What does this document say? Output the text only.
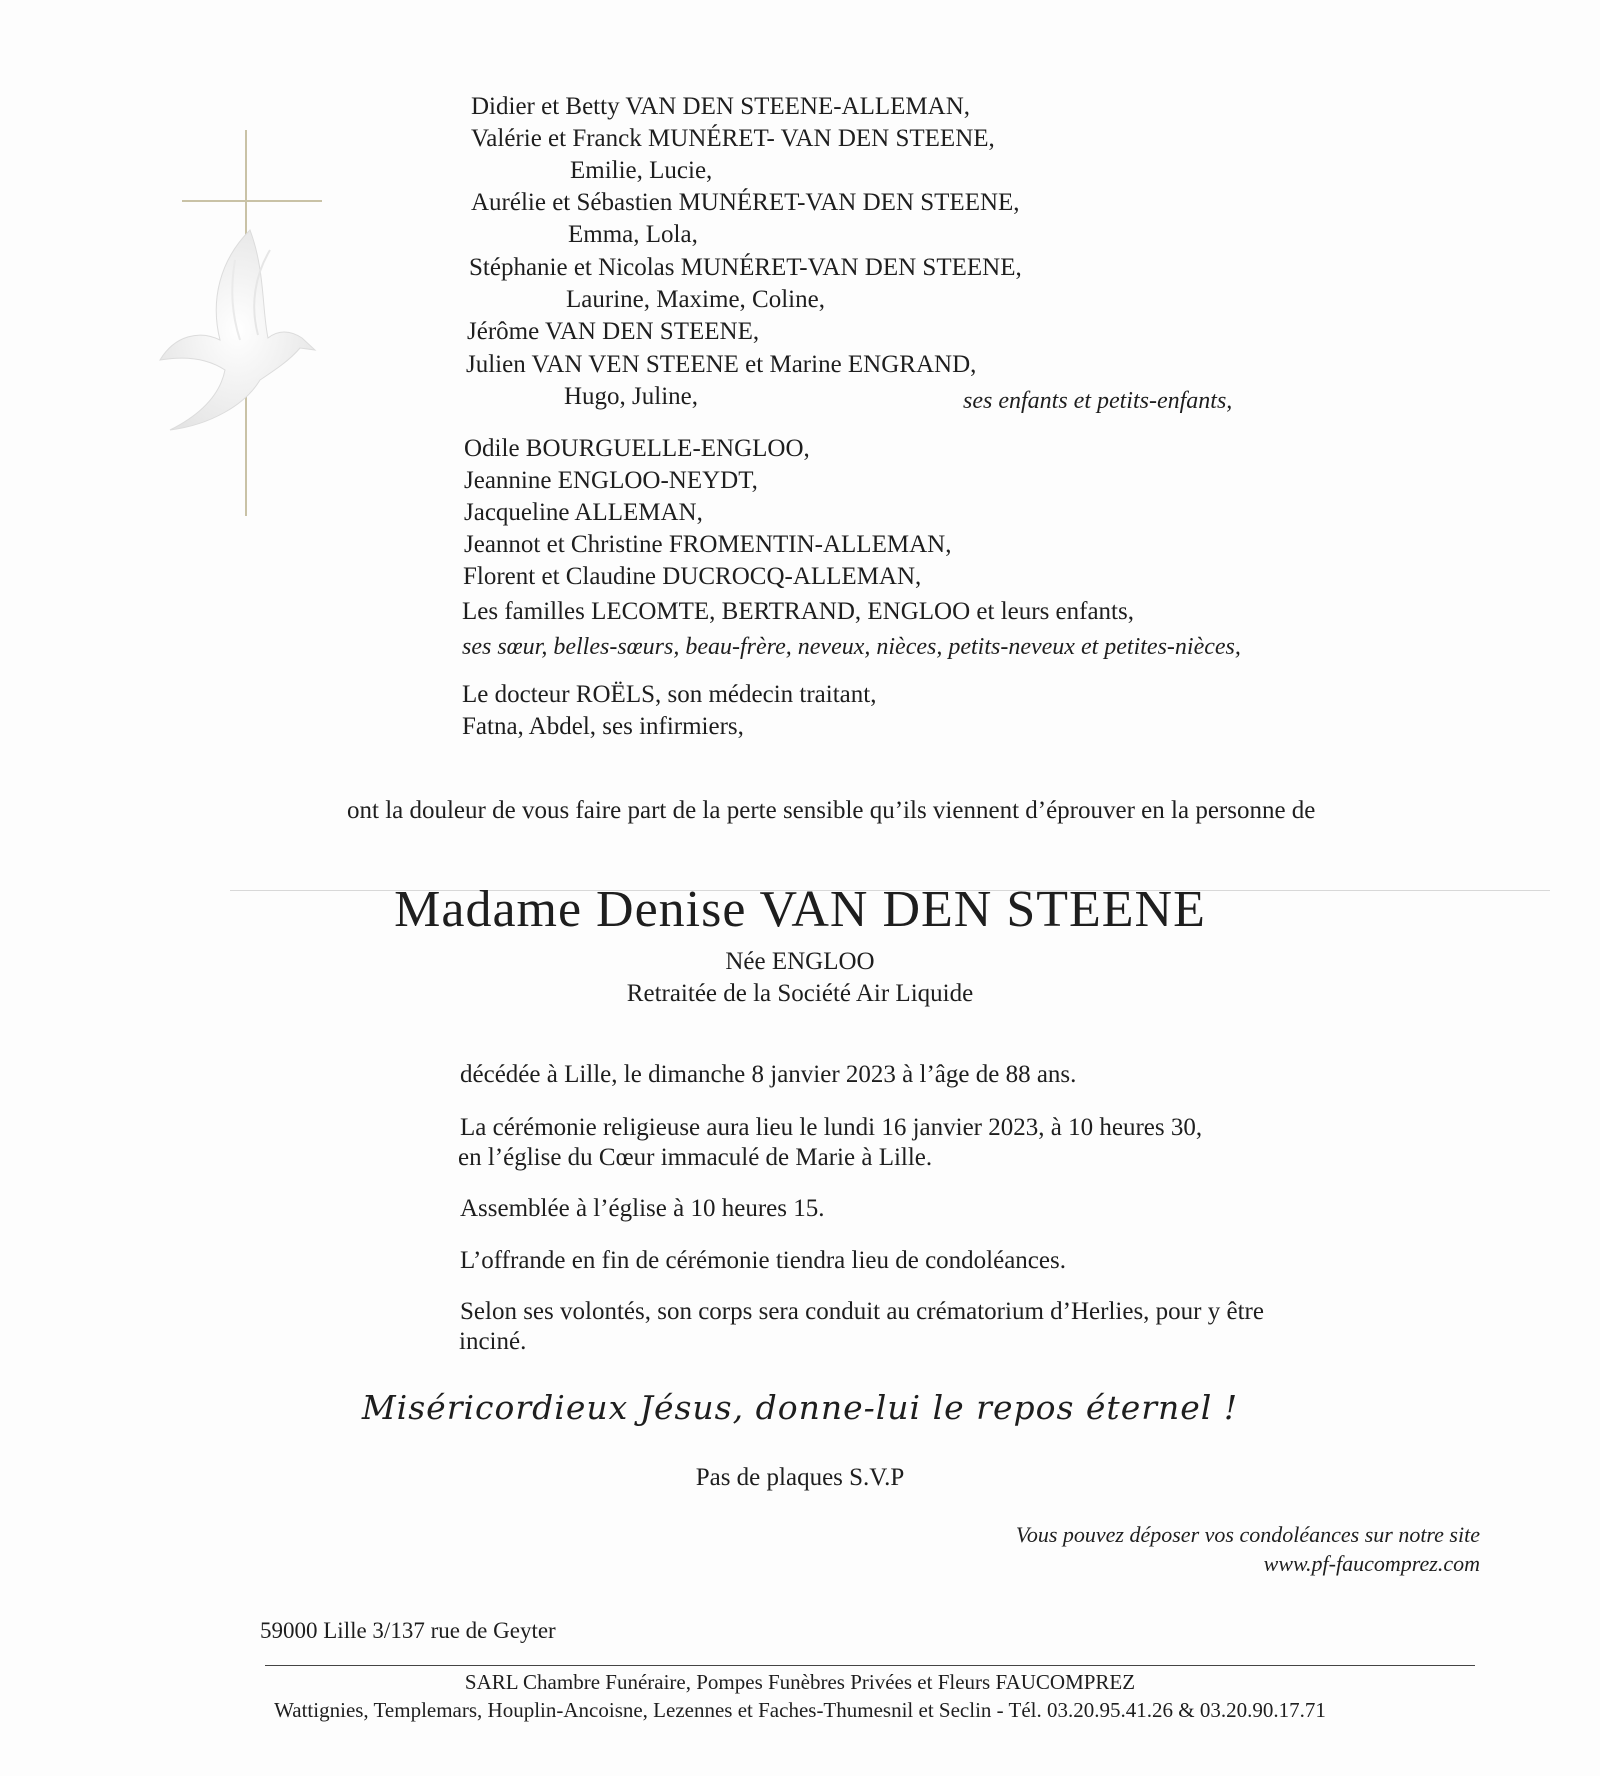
Didier et Betty VAN DEN STEENE-ALLEMAN,
Valérie et Franck MUNÉRET- VAN DEN STEENE,
Emilie, Lucie,
Aurélie et Sébastien MUNÉRET-VAN DEN STEENE,
Emma, Lola,
Stéphanie et Nicolas MUNÉRET-VAN DEN STEENE,
Laurine, Maxime, Coline,
Jérôme VAN DEN STEENE,
Julien VAN VEN STEENE et Marine ENGRAND,
Hugo, Juline,	ses enfants et petits-enfants,
Odile BOURGUELLE-ENGLOO,
Jeannine ENGLOO-NEYDT,
Jacqueline ALLEMAN,
Jeannot et Christine FROMENTIN-ALLEMAN,
Florent et Claudine DUCROCQ-ALLEMAN,
Les familles LECOMTE, BERTRAND, ENGLOO et leurs enfants,
ses sœur, belles-sœurs, beau-frère, neveux, nièces, petits-neveux et petites-nièces,
Le docteur ROËLS, son médecin traitant,
Fatna, Abdel, ses infirmiers,
ont la douleur de vous faire part de la perte sensible qu’ils viennent d’éprouver en la personne de
Madame Denise VAN DEN STEENE
Née ENGLOO
Retraitée de la Société Air Liquide
décédée à Lille, le dimanche 8 janvier 2023 à l’âge de 88 ans.
La cérémonie religieuse aura lieu le lundi 16 janvier 2023, à 10 heures 30,
en l’église du Cœur immaculé de Marie à Lille.
Assemblée à l’église à 10 heures 15.
L’offrande en fin de cérémonie tiendra lieu de condoléances.
Selon ses volontés, son corps sera conduit au crématorium d’Herlies, pour y être
inciné.
Miséricordieux Jésus, donne-lui le repos éternel !
Pas de plaques S.V.P
Vous pouvez déposer vos condoléances sur notre site
www.pf-faucomprez.com
59000 Lille 3/137 rue de Geyter
SARL Chambre Funéraire, Pompes Funèbres Privées et Fleurs FAUCOMPREZ
Wattignies, Templemars, Houplin-Ancoisne, Lezennes et Faches-Thumesnil et Seclin - Tél. 03.20.95.41.26 & 03.20.90.17.71
